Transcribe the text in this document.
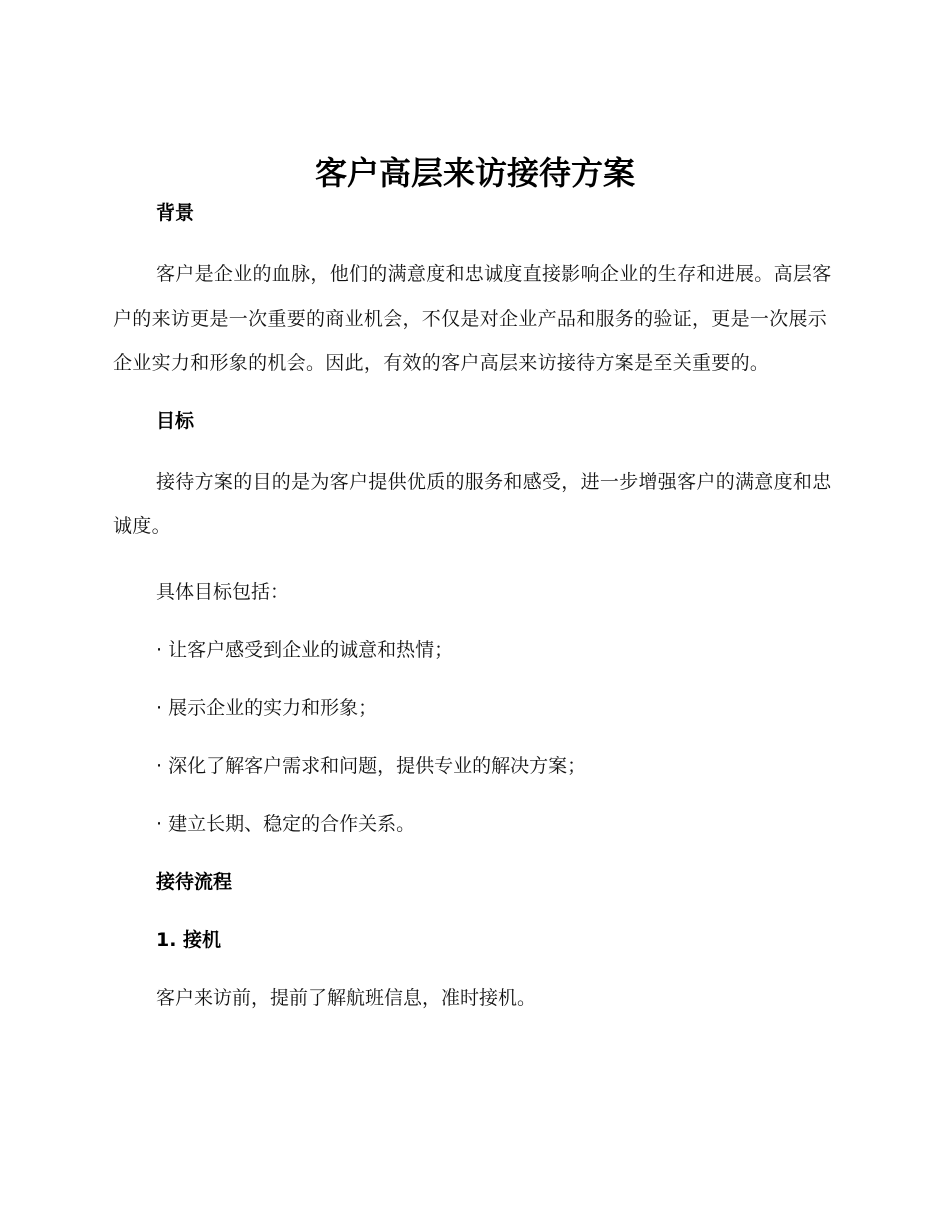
客户高层来访接待方案

背景

客户是企业的血脉，他们的满意度和忠诚度直接影响企业的生存和进展。高层客户的来访更是一次重要的商业机会，不仅是对企业产品和服务的验证，更是一次展示企业实力和形象的机会。因此，有效的客户高层来访接待方案是至关重要的。

目标

接待方案的目的是为客户提供优质的服务和感受，进一步增强客户的满意度和忠诚度。

具体目标包括：

· 让客户感受到企业的诚意和热情；

· 展示企业的实力和形象；

· 深化了解客户需求和问题，提供专业的解决方案；

· 建立长期、稳定的合作关系。

接待流程

1. 接机

客户来访前，提前了解航班信息，准时接机。
